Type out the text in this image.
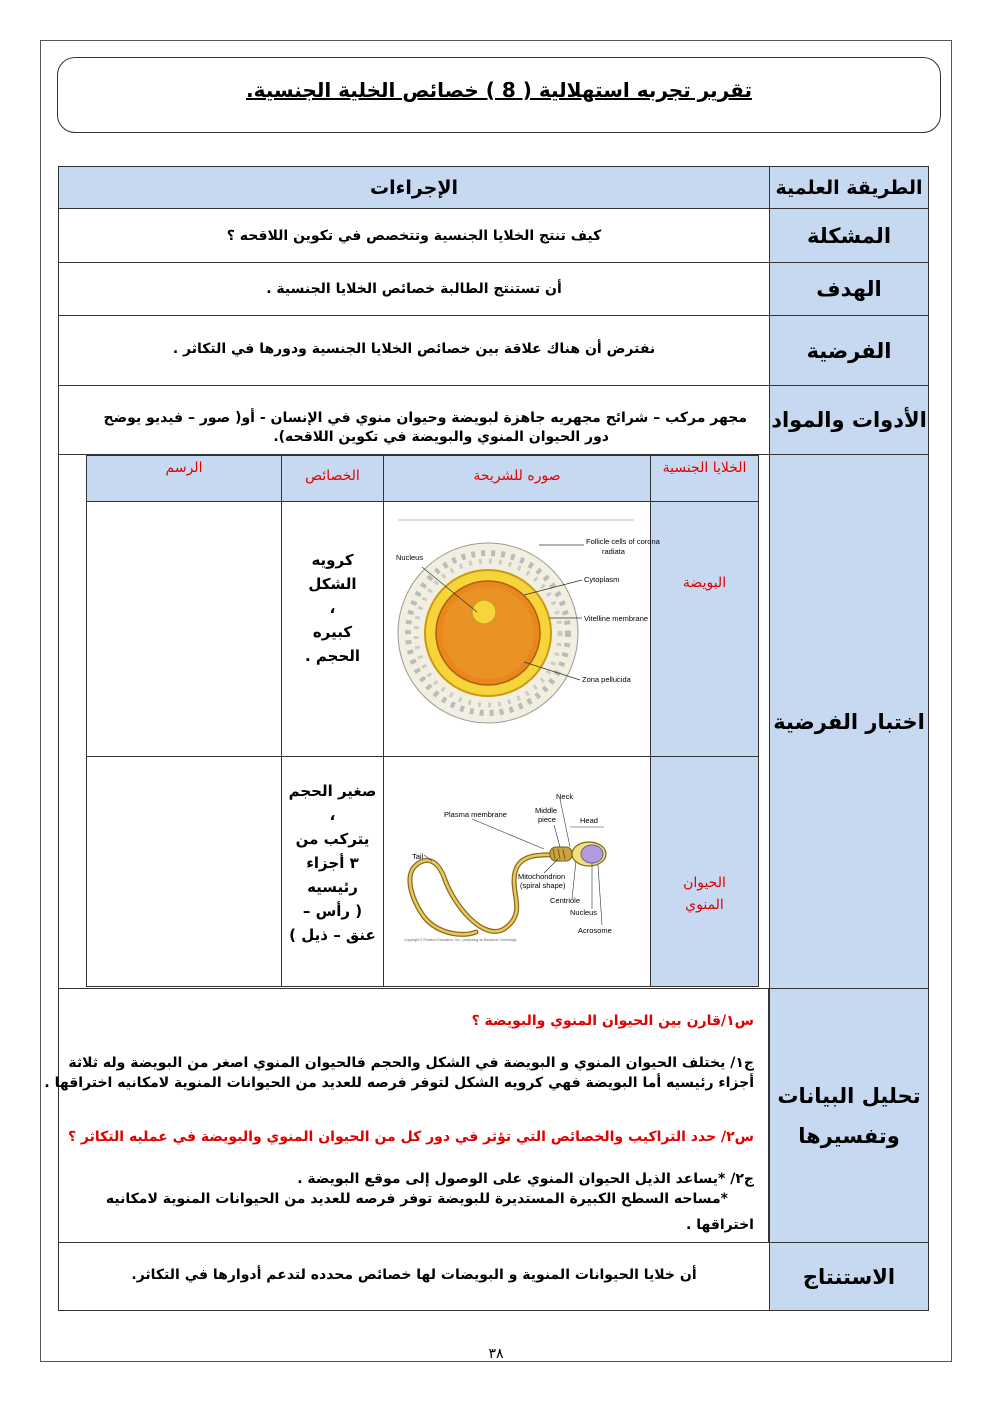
تقرير تجربه استهلالية ( 8 ) خصائص الخلية الجنسية.
الطريقة العلمية
الإجراءات
المشكلة
كيف تنتج الخلايا الجنسية وتتخصص في تكوين اللاقحه ؟
الهدف
أن تستنتج الطالبة خصائص الخلايا الجنسية .
الفرضية
نفترض أن هناك علاقة بين خصائص الخلايا الجنسية ودورها في التكاثر .
الأدوات والمواد
مجهر مركب – شرائح مجهريه جاهزة لبويضة وحيوان منوي في الإنسان - أو( صور – فيديو يوضح
دور الحيوان المنوي والبويضة في تكوين اللاقحه).
اختبار الفرضية
الخلايا الجنسية
صوره للشريحة
الخصائص
الرسم
البويضة
Nucleus
Follicle cells of corona
radiata
Cytoplasm
Vitelline membrane
Zona pellucida
كرويه الشكل
،
كبيره
الحجم .
الحيوان
المنوي
Neck
Plasma membrane	Middle
piece	Head
Tail
Mitochondrion
(spiral shape)
Centriole
Nucleus
Acrosome
Copyright © Pearson Education, Inc., publishing as Benjamin Cummings.
صغير الحجم
،
يتركب من
٣ أجزاء
رئيسيه
( رأس –
عنق – ذيل )
تحليل البيانات
وتفسيرها

س١/قارن بين الحيوان المنوي والبويضة ؟

ج١/ يختلف الحيوان المنوي و البويضة في الشكل والحجم فالحيوان المنوي اصغر من البويضة وله ثلاثة

أجزاء رئيسيه أما البويضة فهي كرويه الشكل لتوفر فرصه للعديد من الحيوانات المنوية لامكانيه اختراقها .

س٢/ حدد التراكيب والخصائص التي تؤثر في دور كل من الحيوان المنوي والبويضة في عمليه التكاثر ؟

ج٢/ *يساعد الذيل الحيوان المنوي على الوصول إلى موقع البويضة .

*مساحه السطح الكبيرة المستديرة للبويضة توفر فرصه للعديد من الحيوانات المنوية لامكانيه

اختراقها .

الاستنتاج
أن خلايا الحيوانات المنوية و البويضات لها خصائص محدده لتدعم أدوارها في التكاثر.
٣٨
